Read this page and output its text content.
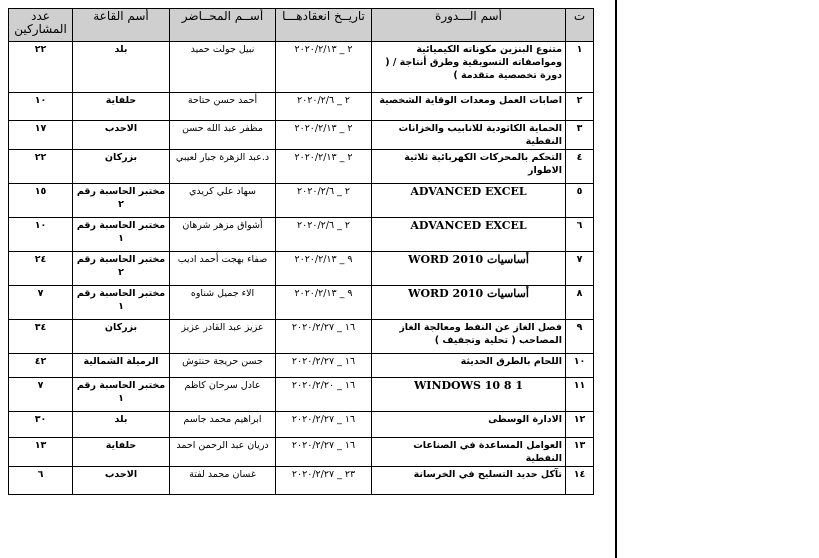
ت	أسم الـــدورة	تاريــخ انعقادهـــا	أســم المحــاضر	أسم القاعة	عدد المشاركين
١	متنوع البنزين مكوناته الكيميائية ومواصفاته التسويقية وطرق أنتاجة / ( دورة تخصصية متقدمة )	٢ _ ٢٠٢٠/٢/١٣	نبيل جولت حميد	بلد	٢٢
٢	اصابات العمل ومعدات الوقاية الشخصية	٢ _ ٢٠٢٠/٢/٦	أحمد حسن حتاحة	حلفاية	١٠
٣	الحماية الكاثودية للانابيب والخزانات النفطية	٢ _ ٢٠٢٠/٢/١٣	مظفر عبد الله حسن	الاحدب	١٧
٤	التحكم بالمحركات الكهربائية ثلاثية الاطوار	٢ _ ٢٠٢٠/٢/١٣	د.عبد الزهرة جبار لعيبي	بزركان	٢٢
٥	ADVANCED EXCEL	٢ _ ٢٠٢٠/٢/٦	سهاد علي كريدي	مختبر الحاسبة رقم ٢	١٥
٦	ADVANCED EXCEL	٢ _ ٢٠٢٠/٢/٦	أشواق مزهر شرهان	مختبر الحاسبة رقم ١	١٠
٧	أساسيات WORD 2010	٩ _ ٢٠٢٠/٢/١٣	صفاء بهجت أحمد اديب	مختبر الحاسبة رقم ٢	٢٤
٨	أساسيات WORD 2010	٩ _ ٢٠٢٠/٢/١٣	الاء جميل شناوه	مختبر الحاسبة رقم ١	٧
٩	فصل الغاز عن النفط ومعالجة الغاز المصاحب ( تحلية وتجفيف )	١٦ _ ٢٠٢٠/٢/٢٧	عزيز عبد القادر عزيز	بزركان	٣٤
١٠	اللحام بالطرق الحديثة	١٦ _ ٢٠٢٠/٢/٢٧	حسن حريجة حنتوش	الرميلة الشمالية	٤٢
١١	WINDOWS 10 8 1	١٦ _ ٢٠٢٠/٢/٢٠	عادل سرحان كاظم	مختبر الحاسبة رقم ١	٧
١٢	الادارة الوسطى	١٦ _ ٢٠٢٠/٢/٢٧	ابراهيم محمد جاسم	بلد	٣٠
١٣	العوامل المساعدة في الصناعات النفطية	١٦ _ ٢٠٢٠/٢/٢٧	دريان عبد الرحمن احمد	حلفاية	١٣
١٤	تآكل حديد التسليح في الخرسانة	٢٣ _ ٢٠٢٠/٢/٢٧	غسان محمد لفتة	الاحدب	٦
